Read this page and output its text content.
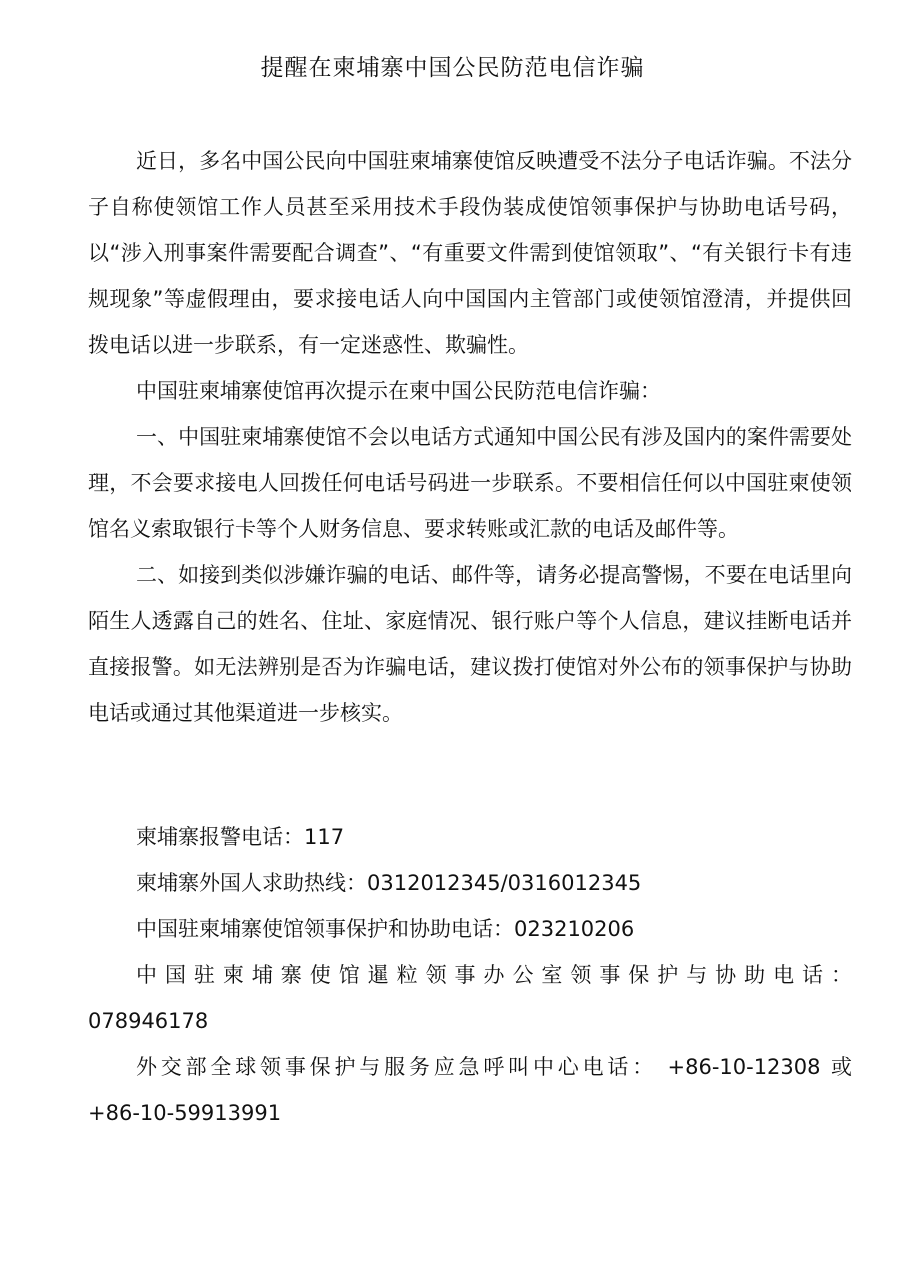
提醒在柬埔寨中国公民防范电信诈骗

近日，多名中国公民向中国驻柬埔寨使馆反映遭受不法分子电话诈骗。不法分子自称使领馆工作人员甚至采用技术手段伪装成使馆领事保护与协助电话号码，以“涉入刑事案件需要配合调查”、“有重要文件需到使馆领取”、“有关银行卡有违规现象”等虚假理由，要求接电话人向中国国内主管部门或使领馆澄清，并提供回拨电话以进一步联系，有一定迷惑性、欺骗性。

中国驻柬埔寨使馆再次提示在柬中国公民防范电信诈骗：

一、中国驻柬埔寨使馆不会以电话方式通知中国公民有涉及国内的案件需要处理，不会要求接电人回拨任何电话号码进一步联系。不要相信任何以中国驻柬使领馆名义索取银行卡等个人财务信息、要求转账或汇款的电话及邮件等。

二、如接到类似涉嫌诈骗的电话、邮件等，请务必提高警惕，不要在电话里向陌生人透露自己的姓名、住址、家庭情况、银行账户等个人信息，建议挂断电话并直接报警。如无法辨别是否为诈骗电话，建议拨打使馆对外公布的领事保护与协助电话或通过其他渠道进一步核实。

柬埔寨报警电话：117

柬埔寨外国人求助热线：0312012345/0316012345

中国驻柬埔寨使馆领事保护和协助电话：023210206

中国驻柬埔寨使馆暹粒领事办公室领事保护与协助电话：

078946178

外交部全球领事保护与服务应急呼叫中心电话： +86-10-12308 或

+86-10-59913991
